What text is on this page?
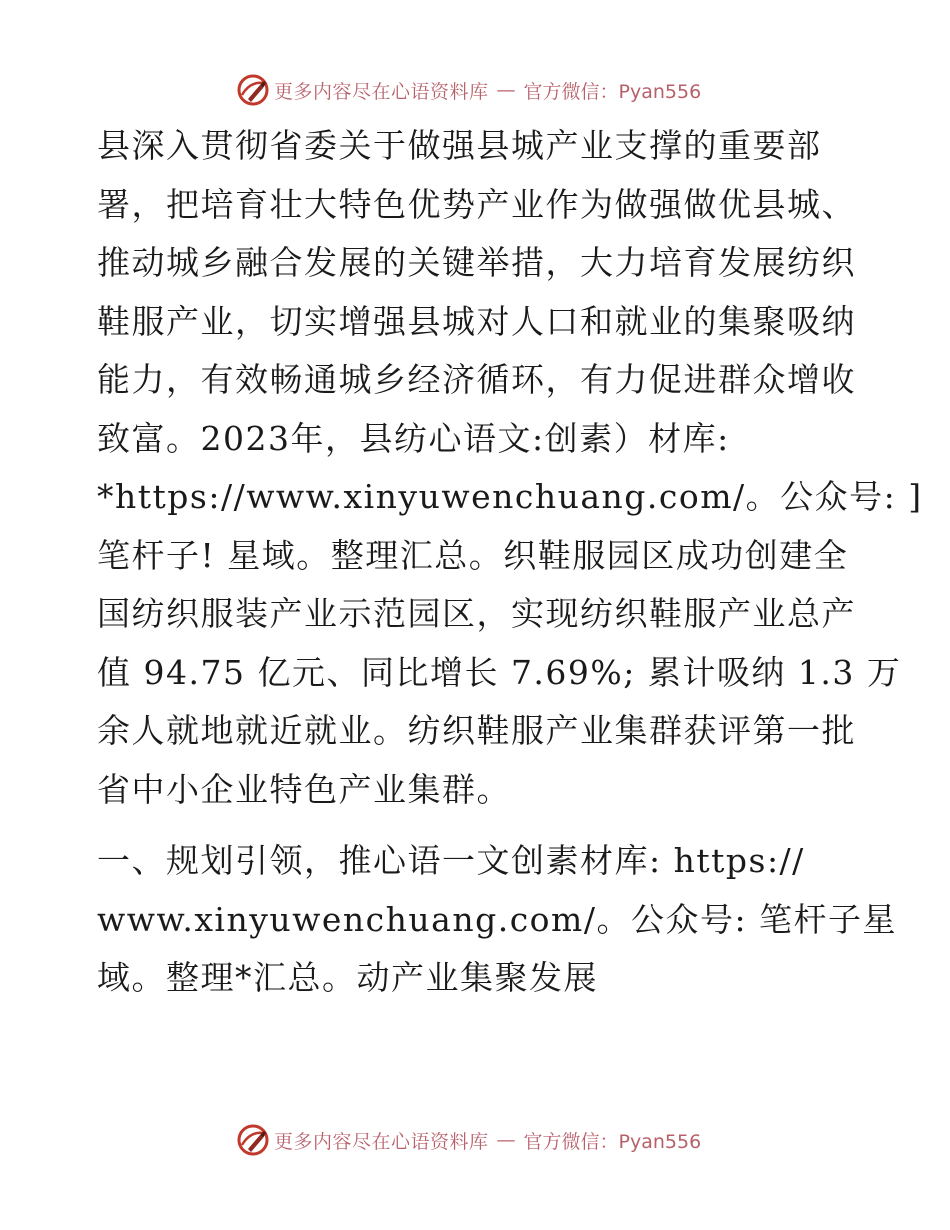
更多内容尽在心语资料库 — 官方微信：Pyan556
县深入贯彻省委关于做强县城产业支撑的重要部
署，把培育壮大特色优势产业作为做强做优县城、
推动城乡融合发展的关键举措，大力培育发展纺织
鞋服产业，切实增强县城对人口和就业的集聚吸纳
能力，有效畅通城乡经济循环，有力促进群众增收
致富。2023年，县纺心语文:创素）材库:
*https://www.xinyuwenchuang.com/。公众号: ]
笔杆子! 星域。整理汇总。织鞋服园区成功创建全
国纺织服装产业示范园区，实现纺织鞋服产业总产
值 94.75 亿元、同比增长 7.69%; 累计吸纳 1.3 万
余人就地就近就业。纺织鞋服产业集群获评第一批
省中小企业特色产业集群。
一、规划引领，推心语一文创素材库: https://
www.xinyuwenchuang.com/。公众号: 笔杆子星
域。整理*汇总。动产业集聚发展
更多内容尽在心语资料库 — 官方微信：Pyan556
